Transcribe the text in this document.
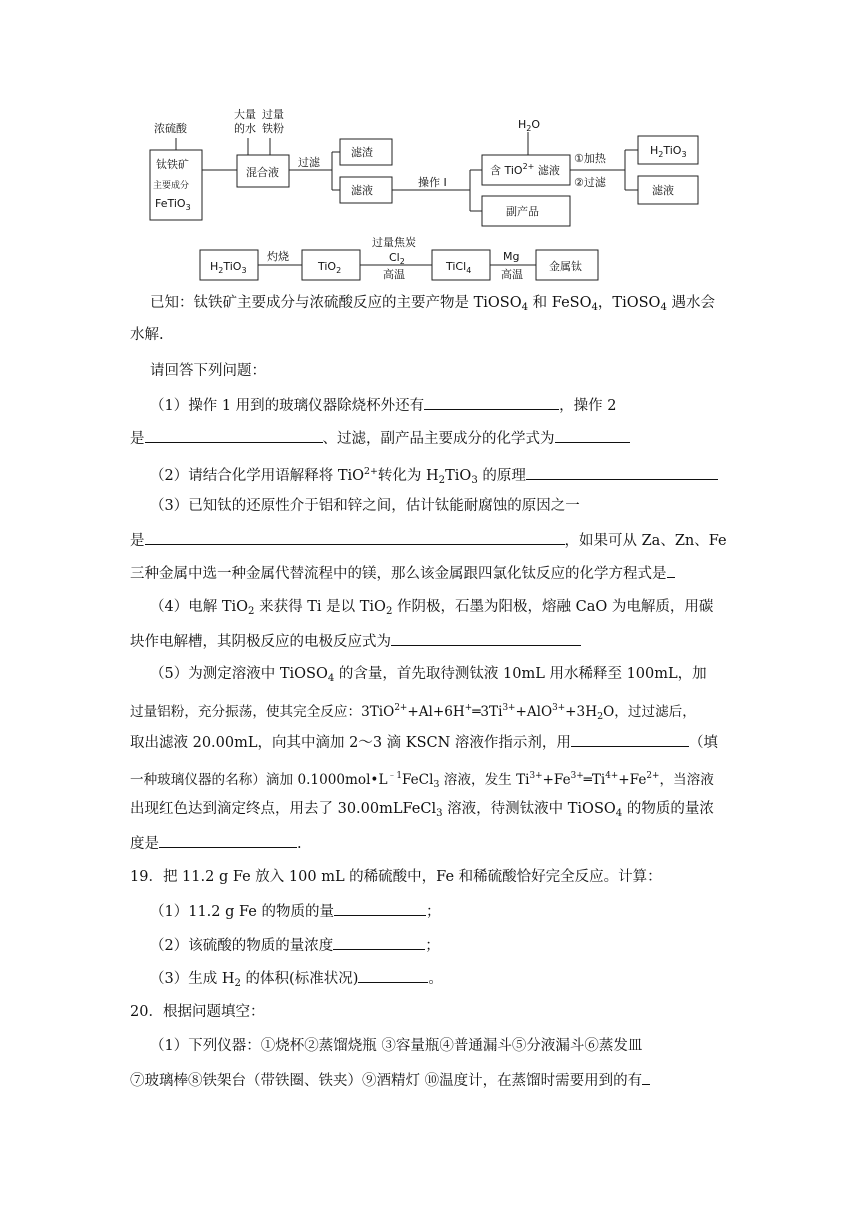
浓硫酸
钛铁矿
主要成分
FeTiO$_3$
大量
的水
过量
铁粉
混合液
过滤
滤渣
滤液
操作 I
$H_2O$
含 TiO$^{2+}$ 滤液
副产品
①加热
②过滤
$H_2TiO_3$
滤液
$H_2TiO_3$
灼烧
TiO$_2$
过量焦炭
$Cl_2$
高温
TiCl$_4$
Mg
高温
金属钛
已知：钛铁矿主要成分与浓硫酸反应的主要产物是 TiOSO$_4$ 和 FeSO$_4$，TiOSO$_4$ 遇水会
水解.
请回答下列问题：
（1）操作 1 用到的玻璃仪器除烧杯外还有	，操作 2
是	、过滤，副产品主要成分的化学式为
（2）请结合化学用语解释将 TiO$^{2+}$转化为 $H_2TiO_3$ 的原理
（3）已知钛的还原性介于铝和锌之间，估计钛能耐腐蚀的原因之一
是	，如果可从 Za、Zn、Fe
三种金属中选一种金属代替流程中的镁，那么该金属跟四氯化钛反应的化学方程式是
（4）电解 TiO$_2$ 来获得 Ti 是以 TiO$_2$ 作阴极，石墨为阳极，熔融 CaO 为电解质，用碳
块作电解槽，其阴极反应的电极反应式为
（5）为测定溶液中 TiOSO$_4$ 的含量，首先取待测钛液 10mL 用水稀释至 100mL，加
过量铝粉，充分振荡，使其完全反应：$3TiO^{2+}+Al+6H^+═3Ti^{3+}+AlO^{3+}+3H_2O$，过过滤后，
取出滤液 20.00mL，向其中滴加 2～3 滴 KSCN 溶液作指示剂，用	（填
一种玻璃仪器的名称）滴加 $0.1000mol•L^{﹣1}FeCl_3$ 溶液，发生 $Ti^{3+}+Fe^{3+}═Ti^{4+}+Fe^{2+}$，当溶液
出现红色达到滴定终点，用去了 30.00mLFeCl$_3$ 溶液，待测钛液中 TiOSO$_4$ 的物质的量浓
度是	.
19．把 11.2 g Fe 放入 100 mL 的稀硫酸中，Fe 和稀硫酸恰好完全反应。计算：
（1）11.2 g Fe 的物质的量	；
（2）该硫酸的物质的量浓度	；
（3）生成 $H_2$ 的体积(标准状况)	。
20．根据问题填空：
（1）下列仪器：①烧杯②蒸馏烧瓶 ③容量瓶④普通漏斗⑤分液漏斗⑥蒸发皿
⑦玻璃棒⑧铁架台（带铁圈、铁夹）⑨酒精灯 ⑩温度计，在蒸馏时需要用到的有
